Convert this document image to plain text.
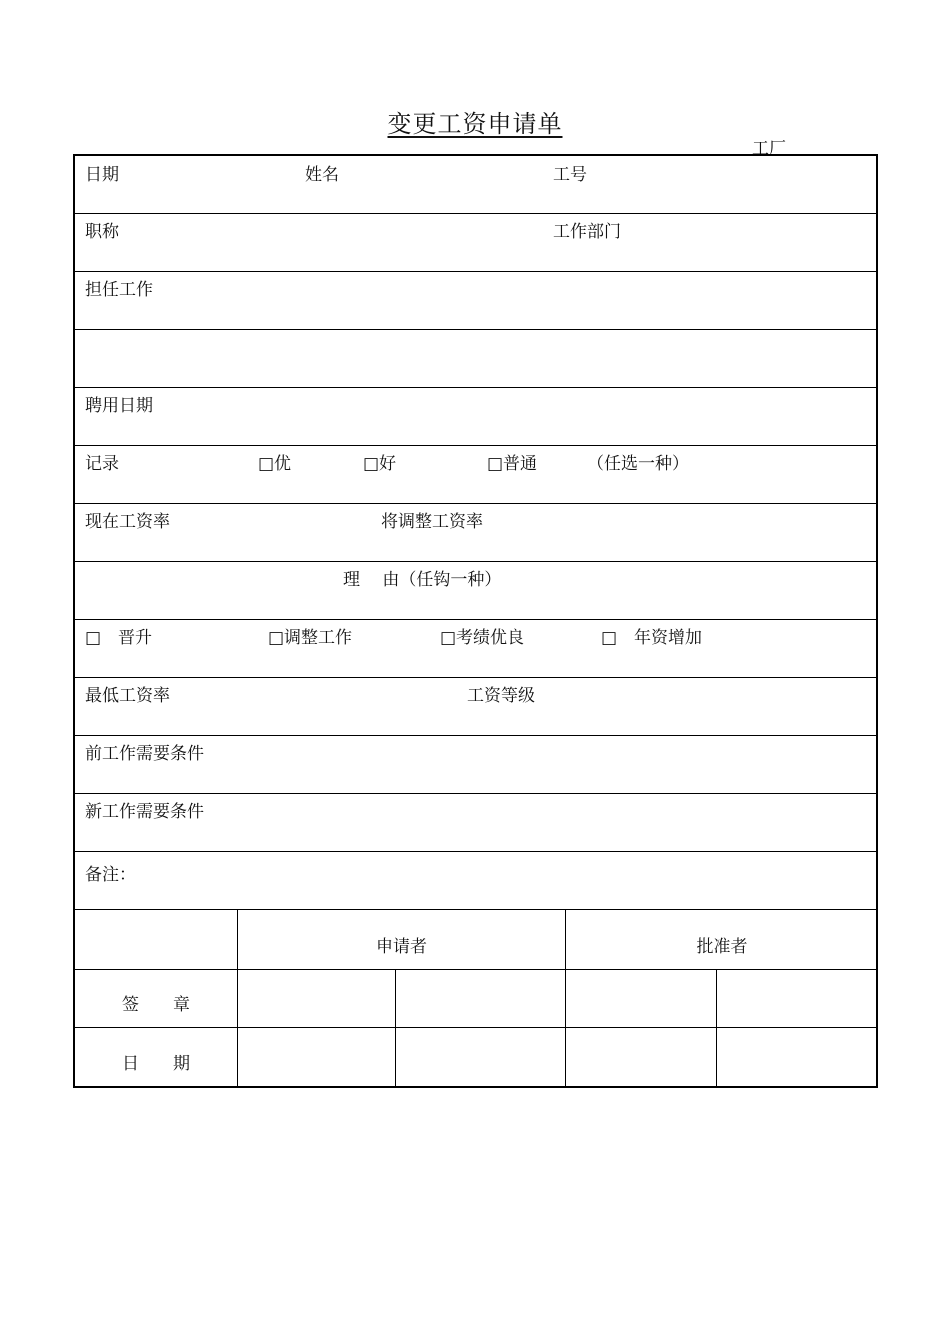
变更工资申请单
工厂
日期	姓名	工号
职称	工作部门
担任工作
聘用日期
记录	□优	□好	□普通	（任选一种）
现在工资率	将调整工资率
理　 由（任钩一种）
□　晋升	□调整工作	□考绩优良	□　年资增加
最低工资率	工资等级
前工作需要条件
新工作需要条件
备注：
申请者	批准者
签　　章
日　　期
